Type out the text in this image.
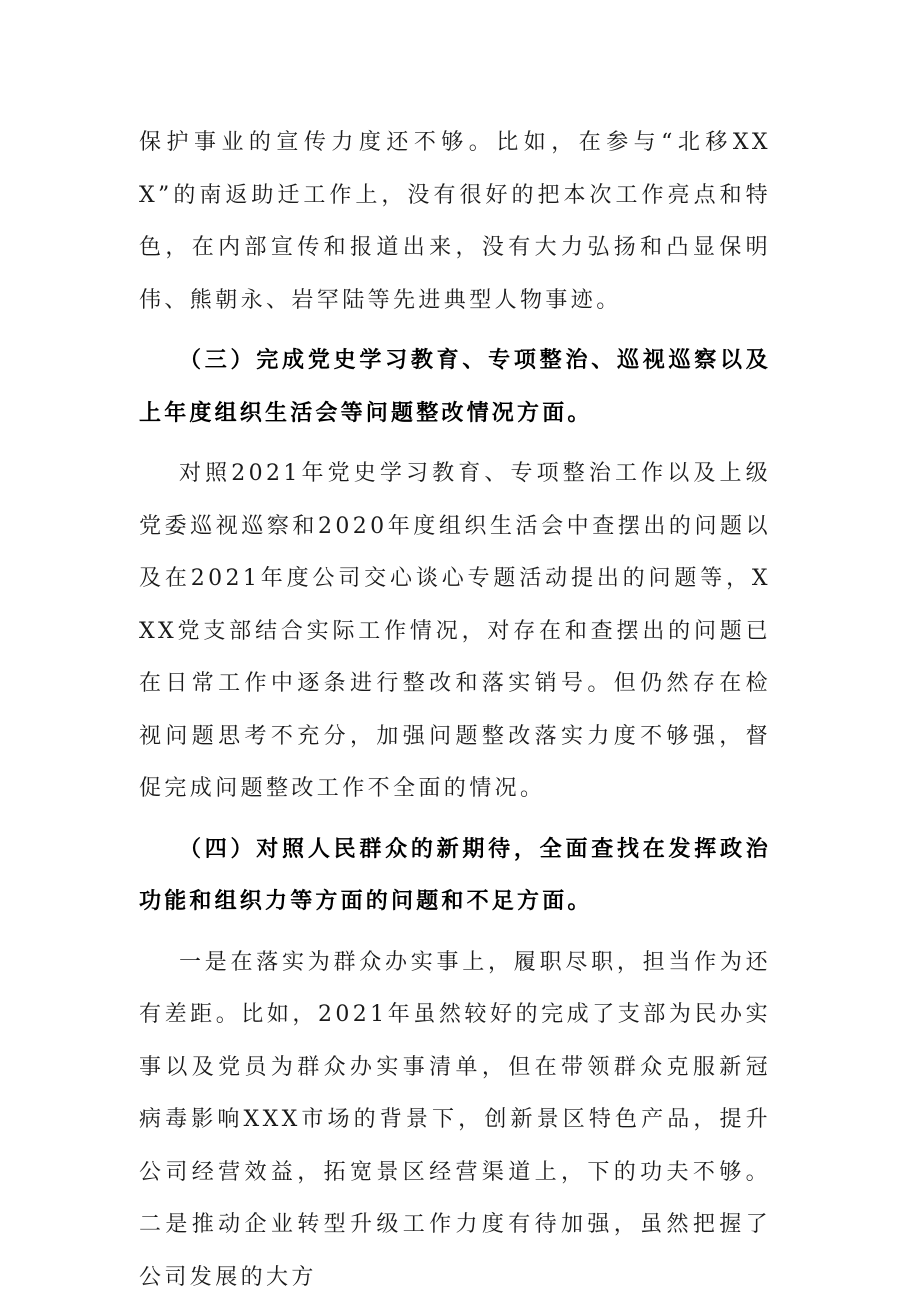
保护事业的宣传力度还不够。比如，在参与“北移XXX”的南返助迁工作上，没有很好的把本次工作亮点和特色，在内部宣传和报道出来，没有大力弘扬和凸显保明伟、熊朝永、岩罕陆等先进典型人物事迹。

（三）完成党史学习教育、专项整治、巡视巡察以及上年度组织生活会等问题整改情况方面。

对照2021年党史学习教育、专项整治工作以及上级党委巡视巡察和2020年度组织生活会中查摆出的问题以及在2021年度公司交心谈心专题活动提出的问题等，XXX党支部结合实际工作情况，对存在和查摆出的问题已在日常工作中逐条进行整改和落实销号。但仍然存在检视问题思考不充分，加强问题整改落实力度不够强，督促完成问题整改工作不全面的情况。

（四）对照人民群众的新期待，全面查找在发挥政治功能和组织力等方面的问题和不足方面。

一是在落实为群众办实事上，履职尽职，担当作为还有差距。比如，2021年虽然较好的完成了支部为民办实事以及党员为群众办实事清单，但在带领群众克服新冠病毒影响XXX市场的背景下，创新景区特色产品，提升公司经营效益，拓宽景区经营渠道上，下的功夫不够。二是推动企业转型升级工作力度有待加强，虽然把握了公司发展的大方
